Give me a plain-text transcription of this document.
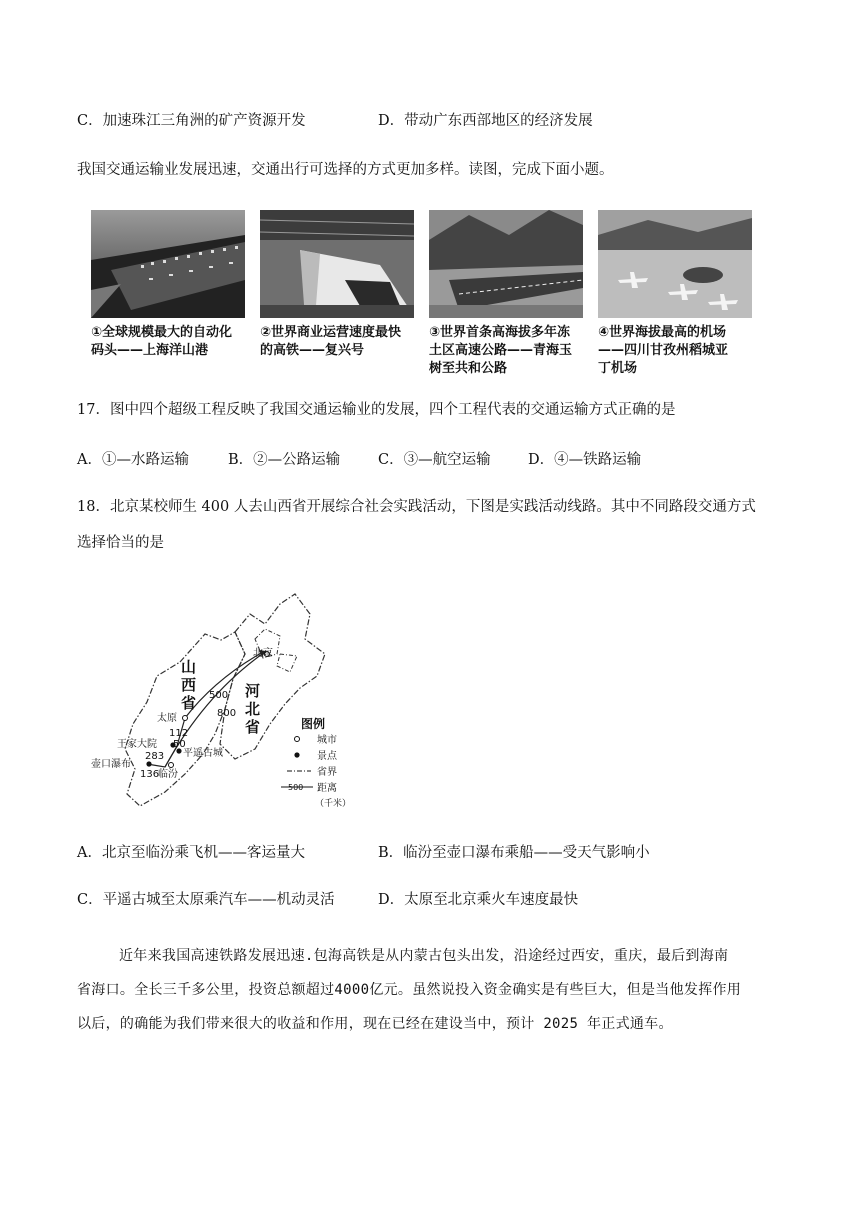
C．加速珠江三角洲的矿产资源开发	D．带动广东西部地区的经济发展
我国交通运输业发展迅速，交通出行可选择的方式更加多样。读图，完成下面小题。
①全球规模最大的自动化
码头——上海洋山港
②世界商业运营速度最快
的高铁——复兴号
③世界首条高海拔多年冻
土区高速公路——青海玉
树至共和公路
④世界海拔最高的机场
——四川甘孜州稻城亚
丁机场
17．图中四个超级工程反映了我国交通运输业的发展，四个工程代表的交通运输方式正确的是
A．①—水路运输	B．②—公路运输	C．③—航空运输	D．④—铁路运输
18．北京某校师生 400 人去山西省开展综合社会实践活动，下图是实践活动线路。其中不同路段交通方式
选择恰当的是
山
西
省
河
北
省
北京
太原
临汾
王家大院
平遥古城
壶口瀑布
500
800
112
50
283
136
图例
城市
景点
省界
500 距离
（千米）
A．北京至临汾乘飞机——客运量大	B．临汾至壶口瀑布乘船——受天气影响小
C．平遥古城至太原乘汽车——机动灵活	D．太原至北京乘火车速度最快
近年来我国高速铁路发展迅速.包海高铁是从内蒙古包头出发，沿途经过西安，重庆，最后到海南
省海口。全长三千多公里，投资总额超过4000亿元。虽然说投入资金确实是有些巨大，但是当他发挥作用
以后，的确能为我们带来很大的收益和作用，现在已经在建设当中，预计 2025 年正式通车。
